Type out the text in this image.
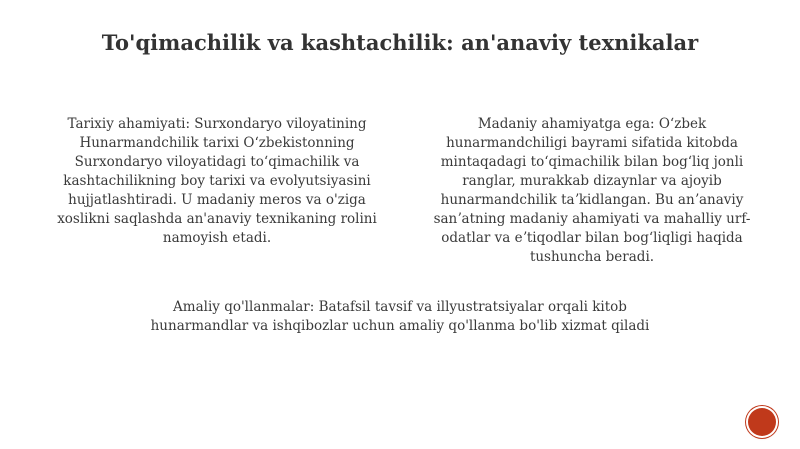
To'qimachilik va kashtachilik: an'anaviy texnikalar

Tarixiy ahamiyati: Surxondaryo viloyatining Hunarmandchilik tarixi Oʻzbekistonning Surxondaryo viloyatidagi toʻqimachilik va kashtachilikning boy tarixi va evolyutsiyasini hujjatlashtiradi. U madaniy meros va o'ziga xoslikni saqlashda an'anaviy texnikaning rolini namoyish etadi.

Madaniy ahamiyatga ega: Oʻzbek hunarmandchiligi bayrami sifatida kitobda mintaqadagi toʻqimachilik bilan bogʻliq jonli ranglar, murakkab dizaynlar va ajoyib hunarmandchilik taʼkidlangan. Bu anʼanaviy sanʼatning madaniy ahamiyati va mahalliy urf-odatlar va eʼtiqodlar bilan bogʻliqligi haqida tushuncha beradi.

Amaliy qo'llanmalar: Batafsil tavsif va illyustratsiyalar orqali kitob hunarmandlar va ishqibozlar uchun amaliy qo'llanma bo'lib xizmat qiladi
